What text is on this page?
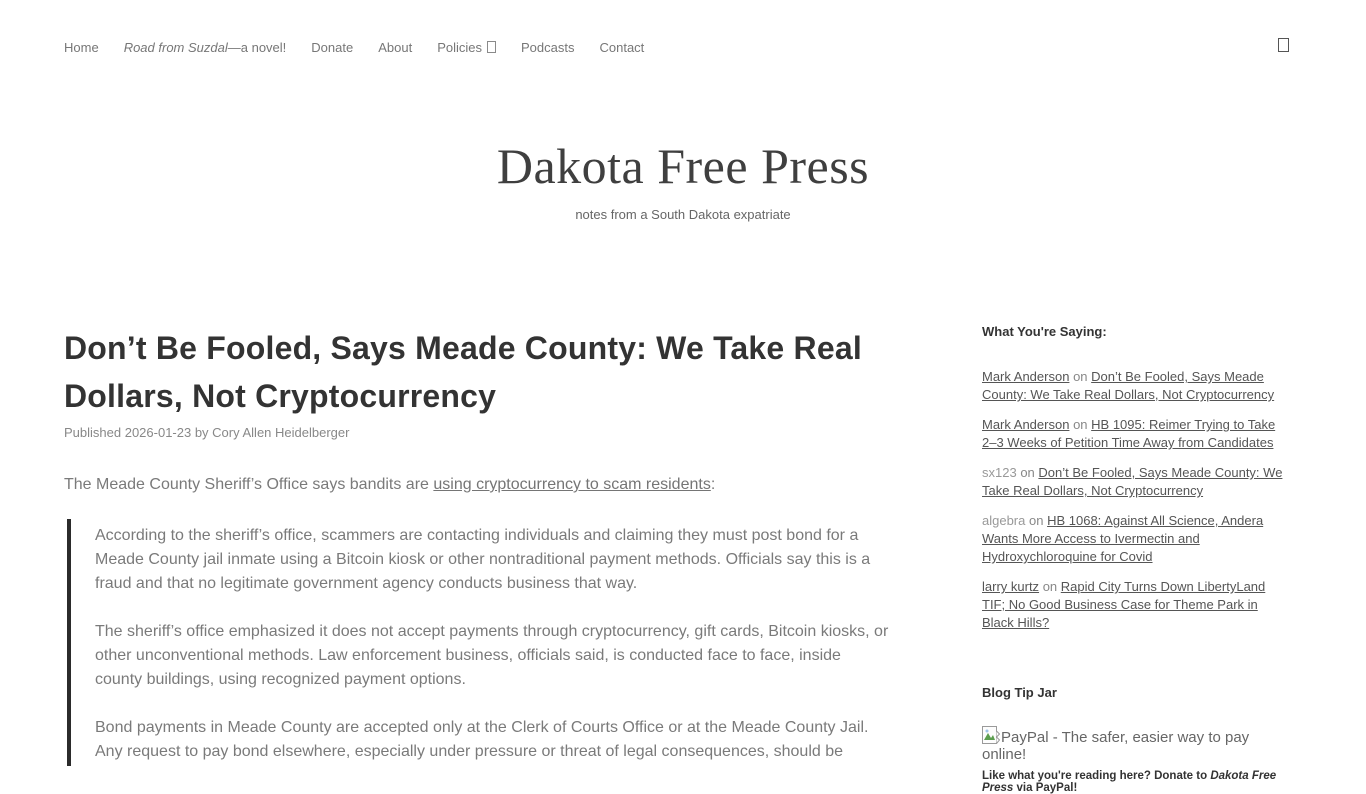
Home Road from Suzdal—a novel! Donate About Policies	Podcasts Contact
Dakota Free Press
notes from a South Dakota expatriate
Don’t Be Fooled, Says Meade County: We Take Real Dollars, Not Cryptocurrency
Published 2026-01-23 by Cory Allen Heidelberger

The Meade County Sheriff’s Office says bandits are using cryptocurrency to scam residents:

According to the sheriff’s office, scammers are contacting individuals and claiming they must post bond for a Meade County jail inmate using a Bitcoin kiosk or other nontraditional payment methods. Officials say this is a fraud and that no legitimate government agency conducts business that way.

The sheriff’s office emphasized it does not accept payments through cryptocurrency, gift cards, Bitcoin kiosks, or other unconventional methods. Law enforcement business, officials said, is conducted face to face, inside county buildings, using recognized payment options.

Bond payments in Meade County are accepted only at the Clerk of Courts Office or at the Meade County Jail. Any request to pay bond elsewhere, especially under pressure or threat of legal consequences, should be

What You're Saying:
Mark Anderson on Don’t Be Fooled, Says Meade County: We Take Real Dollars, Not Cryptocurrency
Mark Anderson on HB 1095: Reimer Trying to Take 2–3 Weeks of Petition Time Away from Candidates
sx123 on Don’t Be Fooled, Says Meade County: We Take Real Dollars, Not Cryptocurrency
algebra on HB 1068: Against All Science, Andera Wants More Access to Ivermectin and Hydroxychloroquine for Covid
larry kurtz on Rapid City Turns Down LibertyLand TIF; No Good Business Case for Theme Park in Black Hills?
Blog Tip Jar
PayPal - The safer, easier way to pay online!
Like what you're reading here? Donate to Dakota Free Press via PayPal!
